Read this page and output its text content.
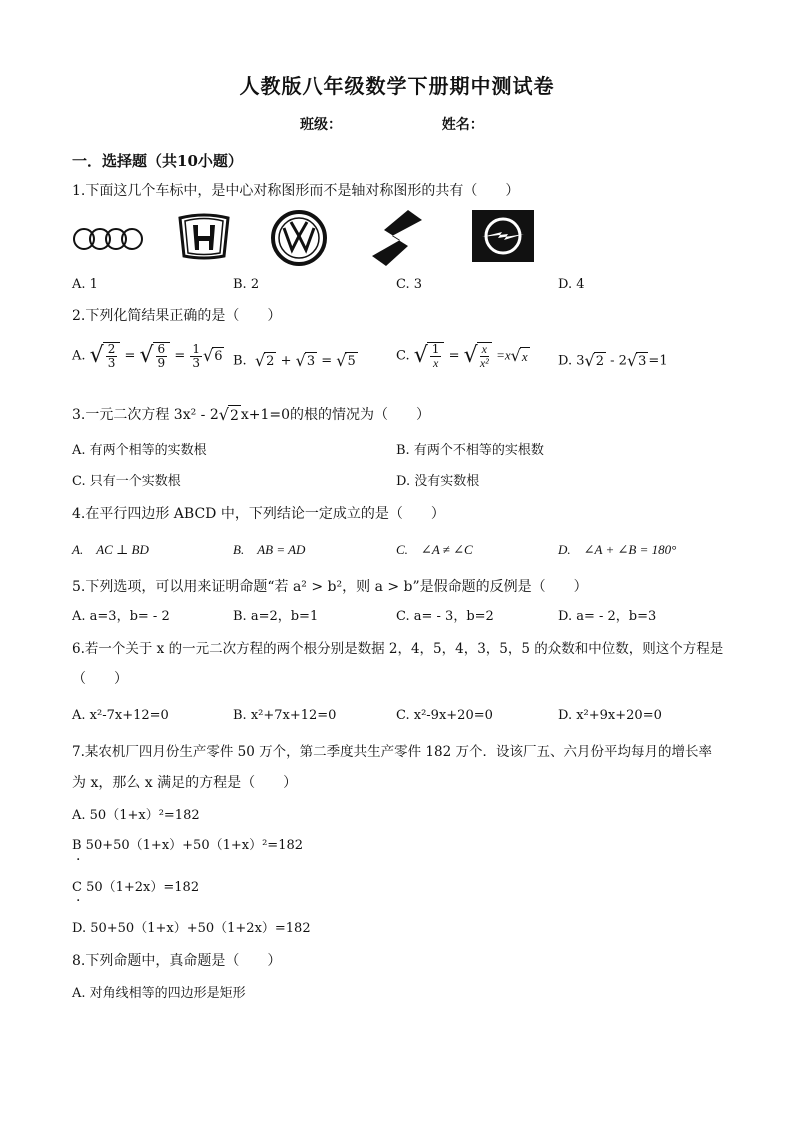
人教版八年级数学下册期中测试卷
班级：	姓名：
一．选择题（共10小题）
1.下面这几个车标中，是中心对称图形而不是轴对称图形的共有（　　）
A. 1	B. 2	C. 3	D. 4
2.下列化简结果正确的是（　　）
A. √ $\frac{2}{3}$ = √ $\frac{6}{9} = \frac{1}{3}$ √ 6 B. √ 2 + √ 3 = √ 5	C. √ $\frac{1}{x}$ = √ $\frac{x}{\text{x²}} =x$ √ x D. 3 √ 2 - 2 √ 3 =1
3.一元二次方程 3x² - 2 √ 2 x+1=0的根的情况为（　　）
A. 有两个相等的实数根	B. 有两个不相等的实根数
C. 只有一个实数根	D. 没有实数根
4.在平行四边形 ABCD 中，下列结论一定成立的是（　　）
A.　AC ⊥ BD	B.　AB = AD	C.　∠A ≠ ∠C	D.　∠A + ∠B = 180°
5.下列选项，可以用来证明命题“若 a² > b²，则 a > b”是假命题的反例是（　　）
A. a=3，b= - 2	B. a=2，b=1	C. a= - 3，b=2	D. a= - 2，b=3
6.若一个关于 x 的一元二次方程的两个根分别是数据 2，4，5，4，3，5，5 的众数和中位数，则这个方程是
（　　）
A. x²-7x+12=0	B. x²+7x+12=0	C. x²-9x+20=0	D. x²+9x+20=0
7.某农机厂四月份生产零件 50 万个，第二季度共生产零件 182 万个．设该厂五、六月份平均每月的增长率
为 x，那么 x 满足的方程是（　　）
A. 50（1+x）²=182
B 50+50（1+x）+50（1+x）²=182
·
C 50（1+2x）=182
·
D. 50+50（1+x）+50（1+2x）=182
8.下列命题中，真命题是（　　）
A. 对角线相等的四边形是矩形
